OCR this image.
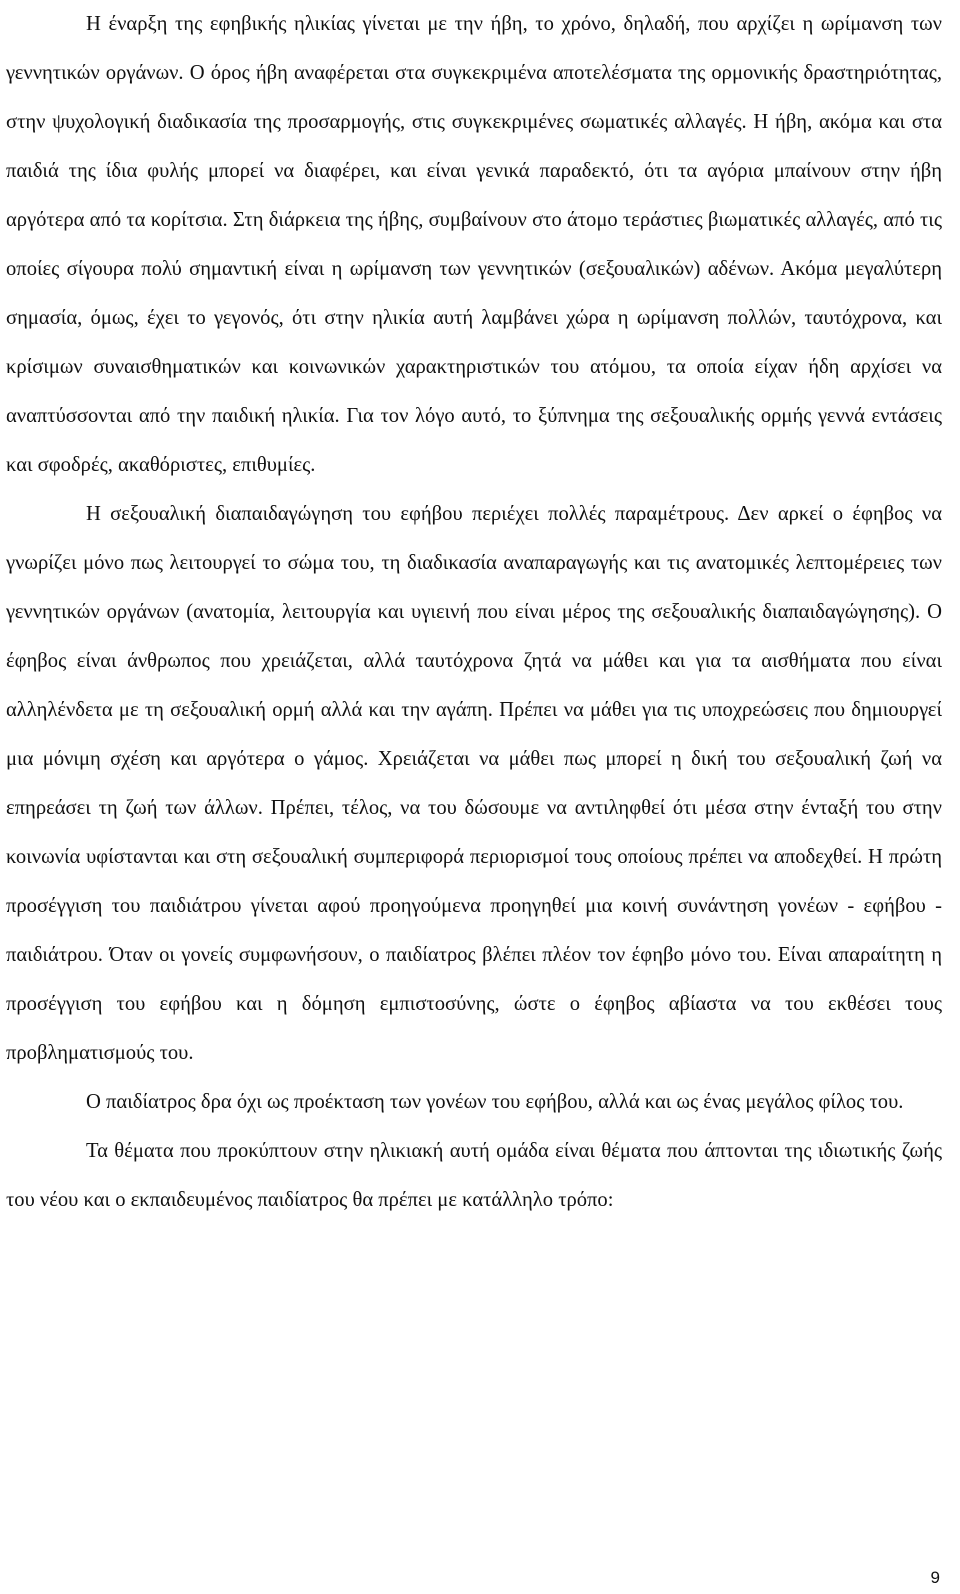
Η έναρξη της εφηβικής ηλικίας γίνεται με την ήβη, το χρόνο, δηλαδή, που αρχίζει η ωρίμανση των γεννητικών οργάνων. Ο όρος ήβη αναφέρεται στα συγκεκριμένα αποτελέσματα της ορμονικής δραστηριότητας, στην ψυχολογική διαδικασία της προσαρμογής, στις συγκεκριμένες σωματικές αλλαγές. Η ήβη, ακόμα και στα παιδιά της ίδια φυλής μπορεί να διαφέρει, και είναι γενικά παραδεκτό, ότι τα αγόρια μπαίνουν στην ήβη αργότερα από τα κορίτσια. Στη διάρκεια της ήβης, συμβαίνουν στο άτομο τεράστιες βιωματικές αλλαγές, από τις οποίες σίγουρα πολύ σημαντική είναι η ωρίμανση των γεννητικών (σεξουαλικών) αδένων. Ακόμα μεγαλύτερη σημασία, όμως, έχει το γεγονός, ότι στην ηλικία αυτή λαμβάνει χώρα η ωρίμανση πολλών, ταυτόχρονα, και κρίσιμων συναισθηματικών και κοινωνικών χαρακτηριστικών του ατόμου, τα οποία είχαν ήδη αρχίσει να αναπτύσσονται από την παιδική ηλικία. Για τον λόγο αυτό, το ξύπνημα της σεξουαλικής ορμής γεννά εντάσεις και σφοδρές, ακαθόριστες, επιθυμίες.

Η σεξουαλική διαπαιδαγώγηση του εφήβου περιέχει πολλές παραμέτρους. Δεν αρκεί ο έφηβος να γνωρίζει μόνο πως λειτουργεί το σώμα του, τη διαδικασία αναπαραγωγής και τις ανατομικές λεπτομέρειες των γεννητικών οργάνων (ανατομία, λειτουργία και υγιεινή που είναι μέρος της σεξουαλικής διαπαιδαγώγησης). Ο έφηβος είναι άνθρωπος που χρειάζεται, αλλά ταυτόχρονα ζητά να μάθει και για τα αισθήματα που είναι αλληλένδετα με τη σεξουαλική ορμή αλλά και την αγάπη. Πρέπει να μάθει για τις υποχρεώσεις που δημιουργεί μια μόνιμη σχέση και αργότερα ο γάμος. Χρειάζεται να μάθει πως μπορεί η δική του σεξουαλική ζωή να επηρεάσει τη ζωή των άλλων. Πρέπει, τέλος, να του δώσουμε να αντιληφθεί ότι μέσα στην ένταξή του στην κοινωνία υφίστανται και στη σεξουαλική συμπεριφορά περιορισμοί τους οποίους πρέπει να αποδεχθεί. Η πρώτη προσέγγιση του παιδιάτρου γίνεται αφού προηγούμενα προηγηθεί μια κοινή συνάντηση γονέων - εφήβου - παιδιάτρου. Όταν οι γονείς συμφωνήσουν, ο παιδίατρος βλέπει πλέον τον έφηβο μόνο του. Είναι απαραίτητη η προσέγγιση του εφήβου και η δόμηση εμπιστοσύνης, ώστε ο έφηβος αβίαστα να του εκθέσει τους προβληματισμούς του.

Ο παιδίατρος δρα όχι ως προέκταση των γονέων του εφήβου, αλλά και ως ένας μεγάλος φίλος του.

Τα θέματα που προκύπτουν στην ηλικιακή αυτή ομάδα είναι θέματα που άπτονται της ιδιωτικής ζωής του νέου και ο εκπαιδευμένος παιδίατρος θα πρέπει με κατάλληλο τρόπο:

9
